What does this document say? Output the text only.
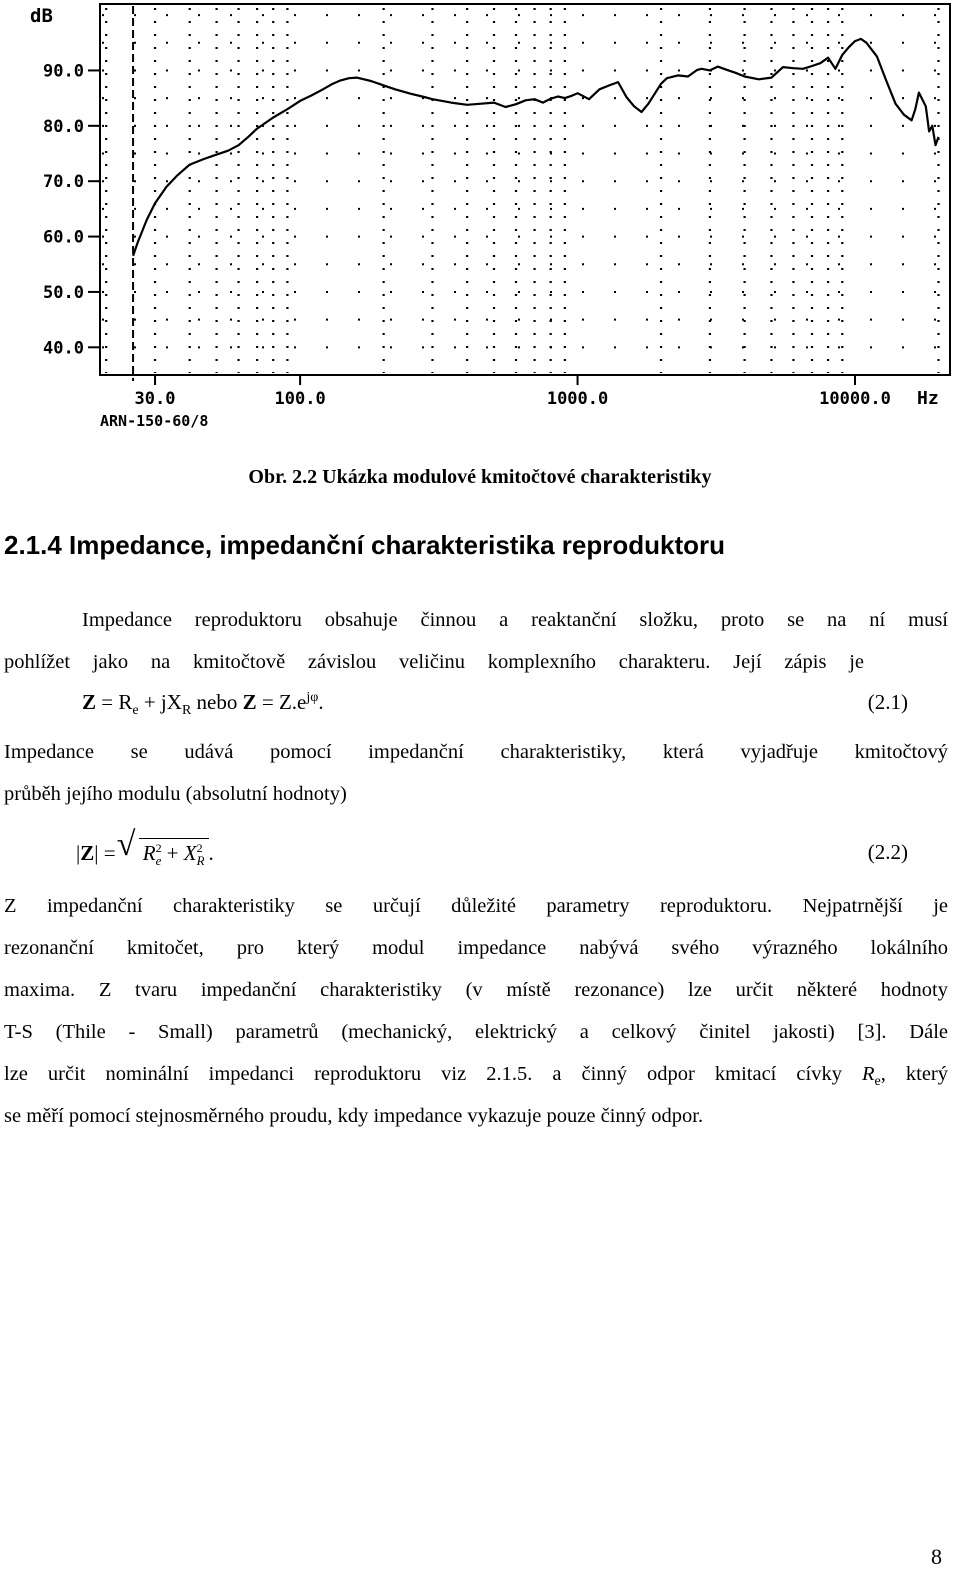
90.0
80.0
70.0
60.0
50.0
40.0
30.0	100.0	1000.0	10000.0
dB
Hz
ARN-150-60/8
Obr. 2.2 Ukázka modulové kmitočtové charakteristiky
2.1.4 Impedance, impedanční charakteristika reproduktoru
Impedance reproduktoru obsahuje činnou a reaktanční složku, proto se na ní musí
pohlížet jako na kmitočtově závislou veličinu komplexního charakteru. Její zápis je
$Z = R_e + jX_R$ nebo $Z = Z.e^{j\varphi}$.	(2.1)
Impedance se udává pomocí impedanční charakteristiky, která vyjadřuje kmitočtový
průběh jejího modulu (absolutní hodnoty)
|Z| = √ $R^2_e + X^2_R$ .	(2.2)
Z impedanční charakteristiky se určují důležité parametry reproduktoru. Nejpatrnější je
rezonanční kmitočet, pro který modul impedance nabývá svého výrazného lokálního
maxima. Z tvaru impedanční charakteristiky (v místě rezonance) lze určit některé hodnoty
T-S (Thile - Small) parametrů (mechanický, elektrický a celkový činitel jakosti) [3]. Dále
lze určit nominální impedanci reproduktoru viz 2.1.5. a činný odpor kmitací cívky $R_e$, který
se měří pomocí stejnosměrného proudu, kdy impedance vykazuje pouze činný odpor.
8
